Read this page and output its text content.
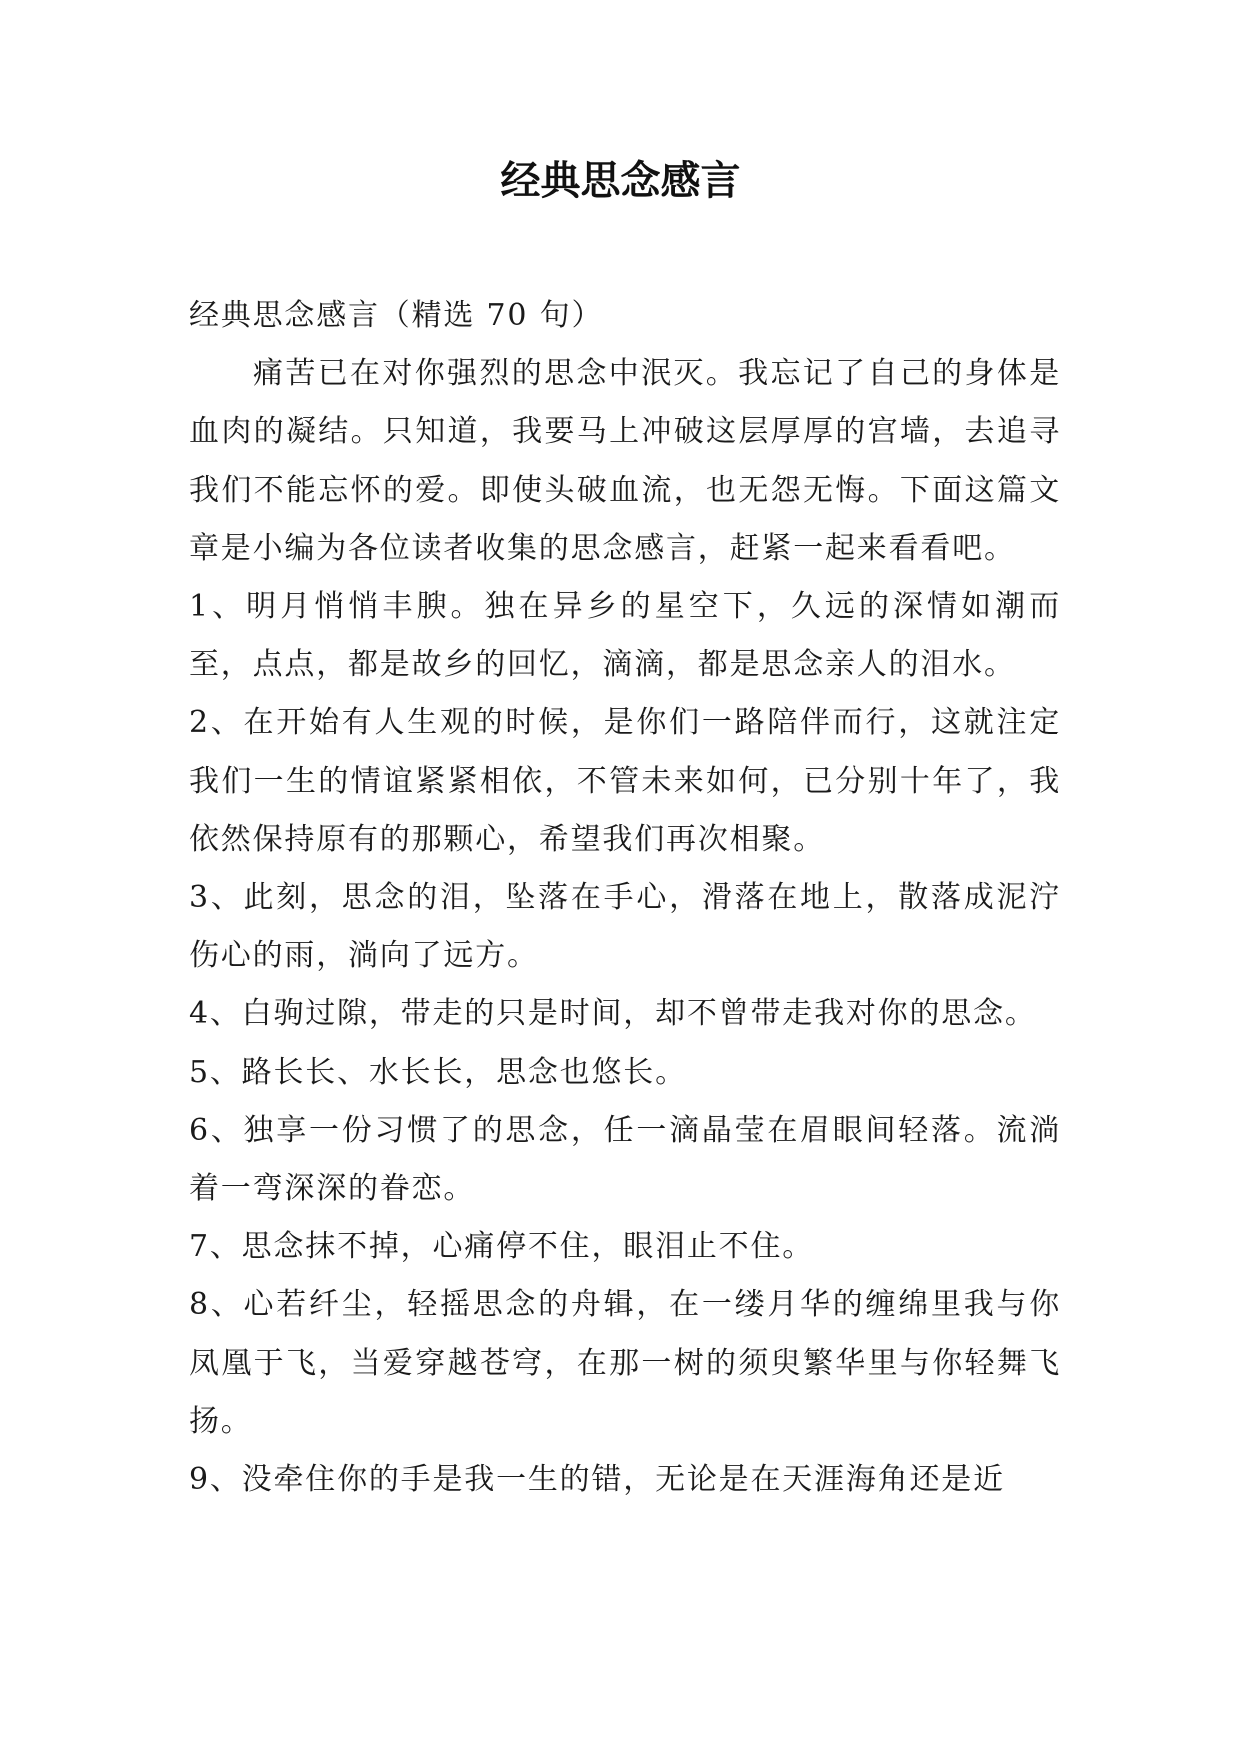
经典思念感言

经典思念感言（精选 70 句）

痛苦已在对你强烈的思念中泯灭。我忘记了自己的身体是血肉的凝结。只知道，我要马上冲破这层厚厚的宫墙，去追寻我们不能忘怀的爱。即使头破血流，也无怨无悔。下面这篇文章是小编为各位读者收集的思念感言，赶紧一起来看看吧。

1、明月悄悄丰腴。独在异乡的星空下，久远的深情如潮而至，点点，都是故乡的回忆，滴滴，都是思念亲人的泪水。

2、在开始有人生观的时候，是你们一路陪伴而行，这就注定我们一生的情谊紧紧相依，不管未来如何，已分别十年了，我依然保持原有的那颗心，希望我们再次相聚。

3、此刻，思念的泪，坠落在手心，滑落在地上，散落成泥泞伤心的雨，淌向了远方。

4、白驹过隙，带走的只是时间，却不曾带走我对你的思念。

5、路长长、水长长，思念也悠长。

6、独享一份习惯了的思念，任一滴晶莹在眉眼间轻落。流淌着一弯深深的眷恋。

7、思念抹不掉，心痛停不住，眼泪止不住。

8、心若纤尘，轻摇思念的舟辑，在一缕月华的缠绵里我与你凤凰于飞，当爱穿越苍穹，在那一树的须臾繁华里与你轻舞飞扬。

9、没牵住你的手是我一生的错，无论是在天涯海角还是近
